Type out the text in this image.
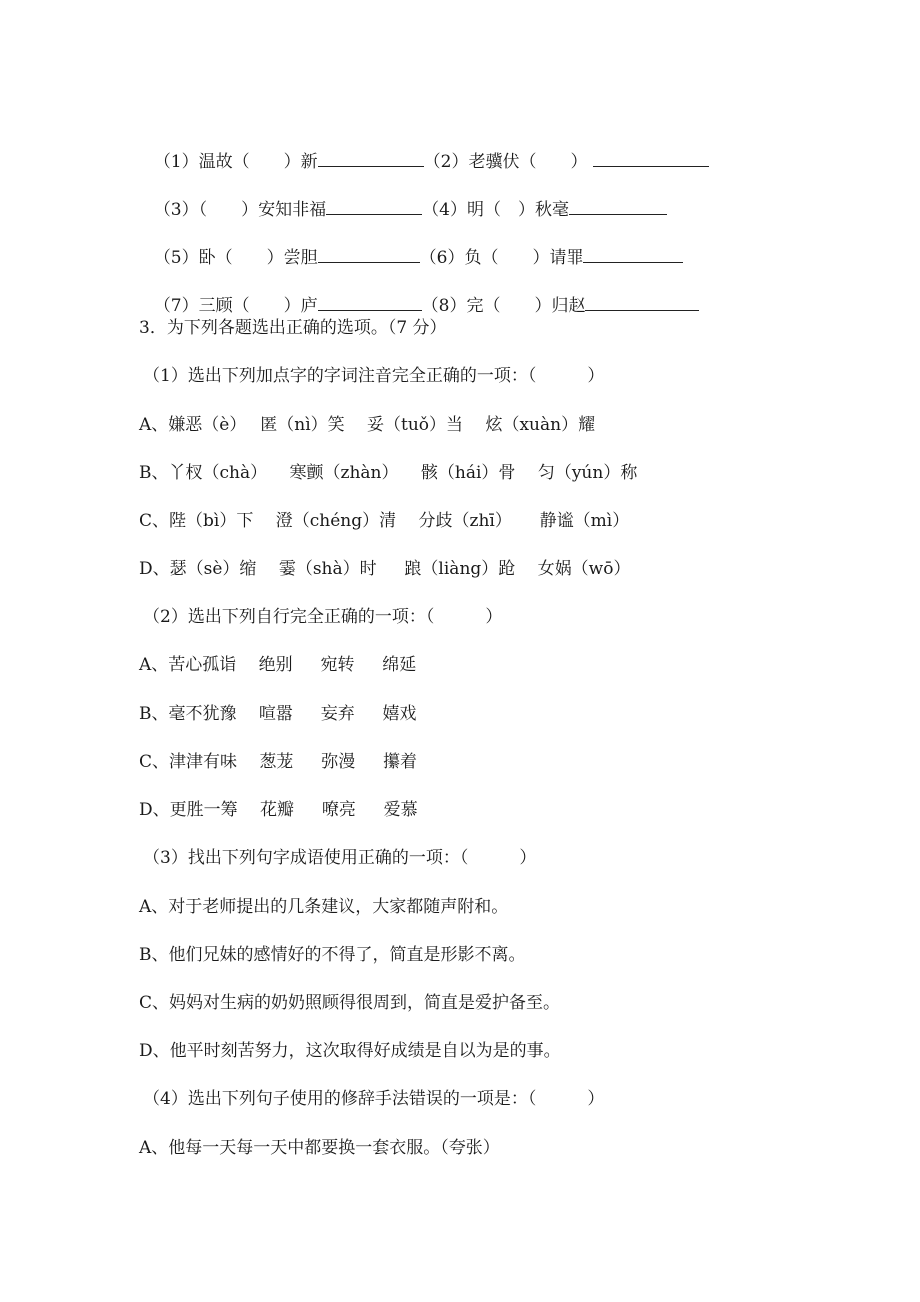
（1）温故（　　）新	（2）老骥伏（　　）

（3）（　　）安知非福	（4）明（　）秋毫

（5）卧（　　）尝胆	（6）负（　　）请罪

（7）三顾（　　）庐	（8）完（　　）归赵

3．为下列各题选出正确的选项。（7 分）
（1）选出下列加点字的字词注音完全正确的一项：（　　　）
A、嫌恶（è）　 匿（nì）笑 　妥（tuǒ）当 　炫（xuàn）耀
B、丫杈（chà） 　寒颤（zhàn） 　骸（hái）骨 　匀（yún）称
C、陛（bì）下 　澄（chéng）清 　分歧（zhī） 　 静谧（mì）
D、瑟（sè）缩 　霎（shà）时 　 踉（liàng）跄 　女娲（wō）
（2）选出下列自行完全正确的一项：（　　　）
A、苦心孤诣 　绝别 　 宛转 　 绵延
B、毫不犹豫 　喧嚣 　 妄弃 　 嬉戏
C、津津有味 　葱茏 　 弥漫 　 攥着
D、更胜一筹 　花瓣 　 嘹亮 　 爱慕
（3）找出下列句字成语使用正确的一项：（　　　）
A、对于老师提出的几条建议，大家都随声附和。
B、他们兄妹的感情好的不得了，简直是形影不离。
C、妈妈对生病的奶奶照顾得很周到，简直是爱护备至。
D、他平时刻苦努力，这次取得好成绩是自以为是的事。
（4）选出下列句子使用的修辞手法错误的一项是：（　　　）
A、他每一天每一天中都要换一套衣服。（夸张）
